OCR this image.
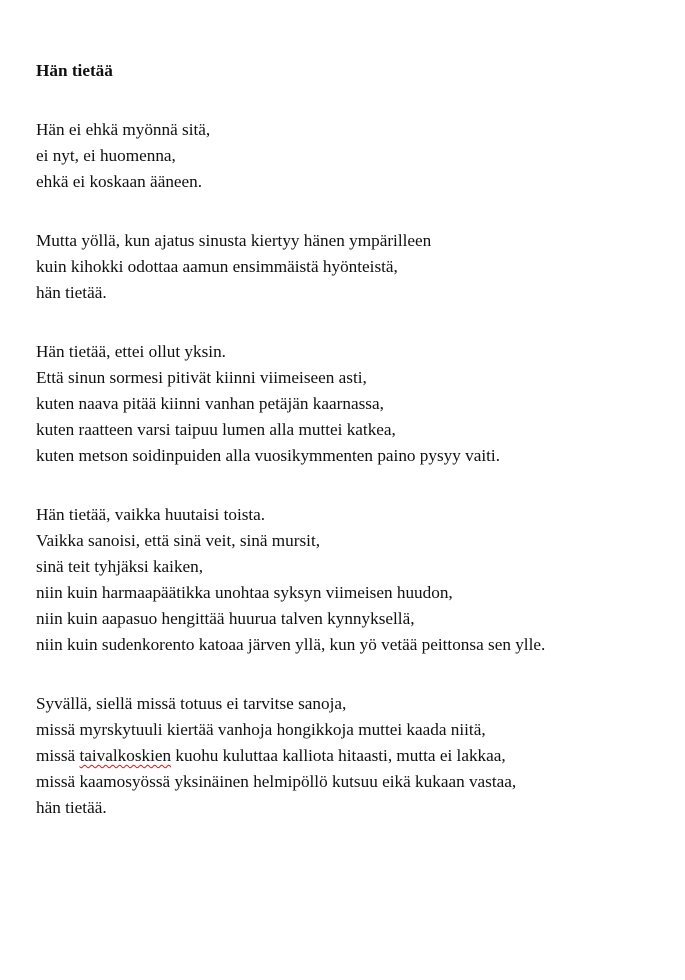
Hän tietää
Hän ei ehkä myönnä sitä,
ei nyt, ei huomenna,
ehkä ei koskaan ääneen.
Mutta yöllä, kun ajatus sinusta kiertyy hänen ympärilleen
kuin kihokki odottaa aamun ensimmäistä hyönteistä,
hän tietää.
Hän tietää, ettei ollut yksin.
Että sinun sormesi pitivät kiinni viimeiseen asti,
kuten naava pitää kiinni vanhan petäjän kaarnassa,
kuten raatteen varsi taipuu lumen alla muttei katkea,
kuten metson soidinpuiden alla vuosikymmenten paino pysyy vaiti.
Hän tietää, vaikka huutaisi toista.
Vaikka sanoisi, että sinä veit, sinä mursit,
sinä teit tyhjäksi kaiken,
niin kuin harmaapäätikka unohtaa syksyn viimeisen huudon,
niin kuin aapasuo hengittää huurua talven kynnyksellä,
niin kuin sudenkorento katoaa järven yllä, kun yö vetää peittonsa sen ylle.
Syvällä, siellä missä totuus ei tarvitse sanoja,
missä myrskytuuli kiertää vanhoja hongikkoja muttei kaada niitä,
missä taivalkoskien kuohu kuluttaa kalliota hitaasti, mutta ei lakkaa,
missä kaamosyössä yksinäinen helmipöllö kutsuu eikä kukaan vastaa,
hän tietää.
